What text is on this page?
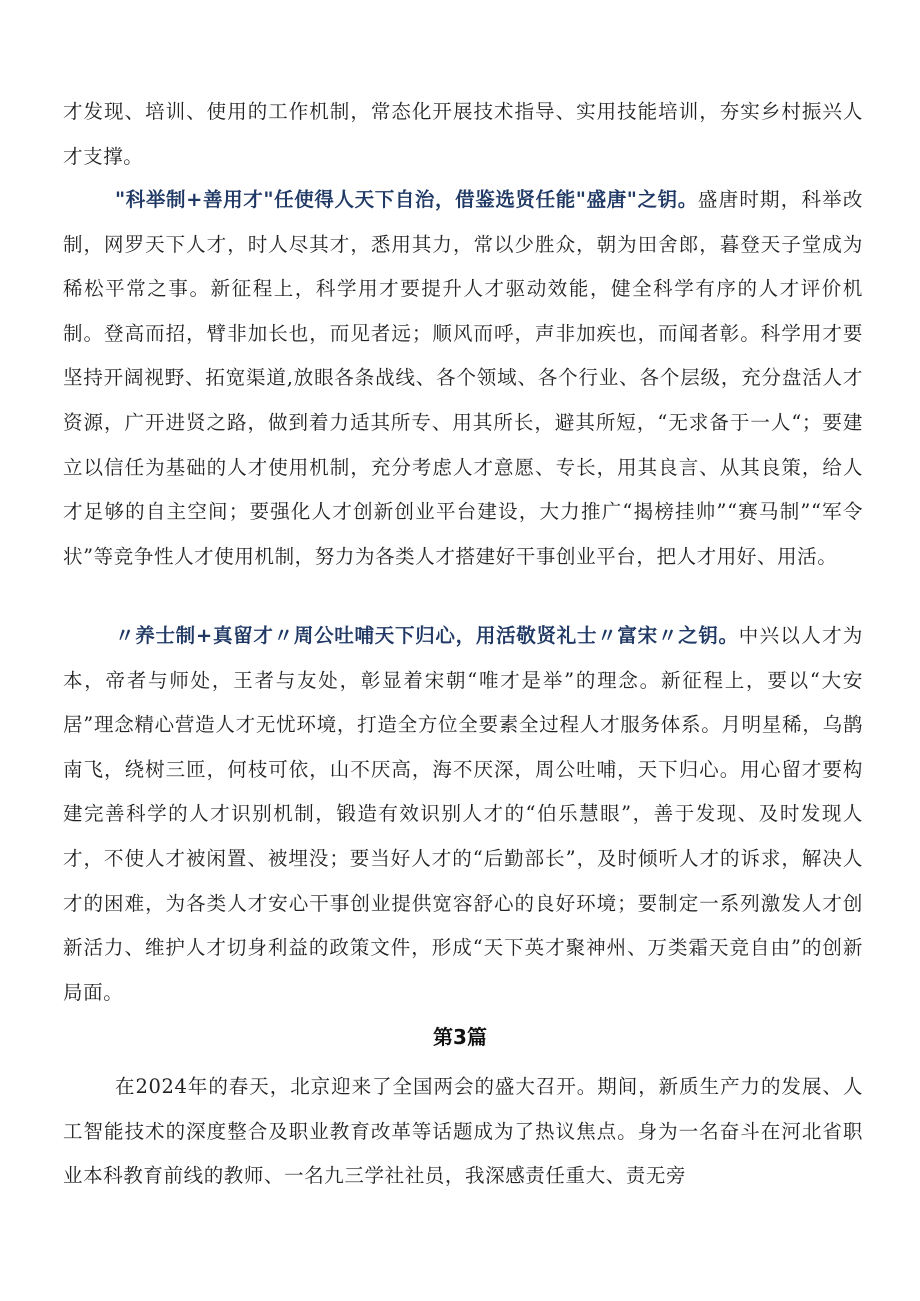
才发现、培训、使用的工作机制，常态化开展技术指导、实用技能培训，夯实乡村振兴人才支撑。

"科举制+善用才"任使得人天下自治，借鉴选贤任能"盛唐"之钥。盛唐时期，科举改制，网罗天下人才，时人尽其才，悉用其力，常以少胜众，朝为田舍郎，暮登天子堂成为稀松平常之事。新征程上，科学用才要提升人才驱动效能，健全科学有序的人才评价机制。登高而招，臂非加长也，而见者远；顺风而呼，声非加疾也，而闻者彰。科学用才要坚持开阔视野、拓宽渠道,放眼各条战线、各个领域、各个行业、各个层级，充分盘活人才资源，广开进贤之路，做到着力适其所专、用其所长，避其所短，“无求备于一人“；要建立以信任为基础的人才使用机制，充分考虑人才意愿、专长，用其良言、从其良策，给人才足够的自主空间；要强化人才创新创业平台建设，大力推广“揭榜挂帅”“赛马制”“军令状”等竞争性人才使用机制，努力为各类人才搭建好干事创业平台，把人才用好、用活。

〃养士制+真留才〃周公吐哺天下归心，用活敬贤礼士〃富宋〃之钥。中兴以人才为本，帝者与师处，王者与友处，彰显着宋朝“唯才是举”的理念。新征程上，要以“大安居”理念精心营造人才无忧环境，打造全方位全要素全过程人才服务体系。月明星稀，乌鹊南飞，绕树三匝，何枝可依，山不厌高，海不厌深，周公吐哺，天下归心。用心留才要构建完善科学的人才识别机制，锻造有效识别人才的“伯乐慧眼”，善于发现、及时发现人才，不使人才被闲置、被埋没；要当好人才的“后勤部长”，及时倾听人才的诉求，解决人才的困难，为各类人才安心干事创业提供宽容舒心的良好环境；要制定一系列激发人才创新活力、维护人才切身利益的政策文件，形成“天下英才聚神州、万类霜天竞自由”的创新局面。

第3篇

在2024年的春天，北京迎来了全国两会的盛大召开。期间，新质生产力的发展、人工智能技术的深度整合及职业教育改革等话题成为了热议焦点。身为一名奋斗在河北省职业本科教育前线的教师、一名九三学社社员，我深感责任重大、责无旁
